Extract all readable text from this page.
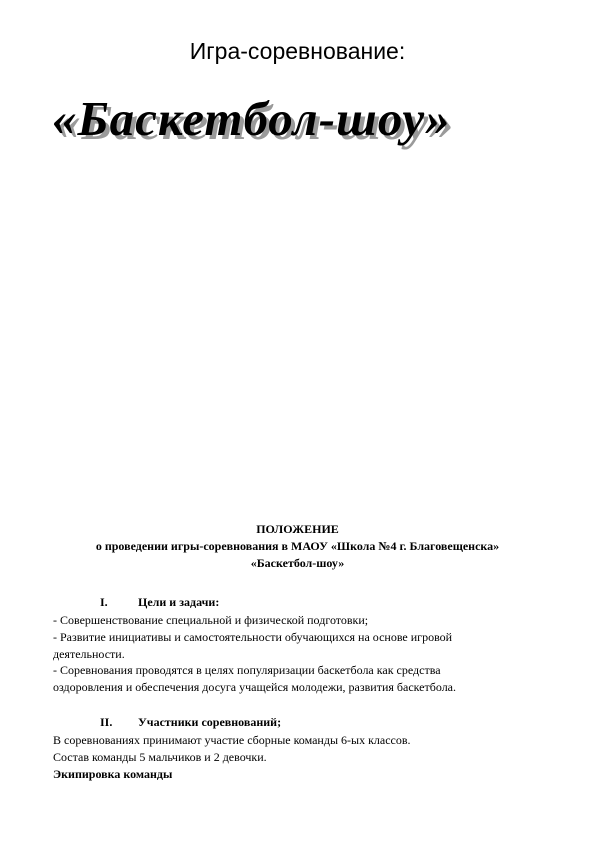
Игра-соревнование:
«Баскетбол-шоу»
ПОЛОЖЕНИЕ
о проведении игры-соревнования в МАОУ «Школа №4 г. Благовещенска»
«Баскетбол-шоу»
I.	Цели и задачи:
- Совершенствование специальной и физической подготовки;
- Развитие инициативы и самостоятельности обучающихся на основе игровой
деятельности.
- Соревнования проводятся в целях популяризации баскетбола как средства
оздоровления и обеспечения досуга учащейся молодежи, развития баскетбола.
II. Участники соревнований;
В соревнованиях принимают участие сборные команды 6-ых классов.
Состав команды 5 мальчиков и 2 девочки.
Экипировка команды
